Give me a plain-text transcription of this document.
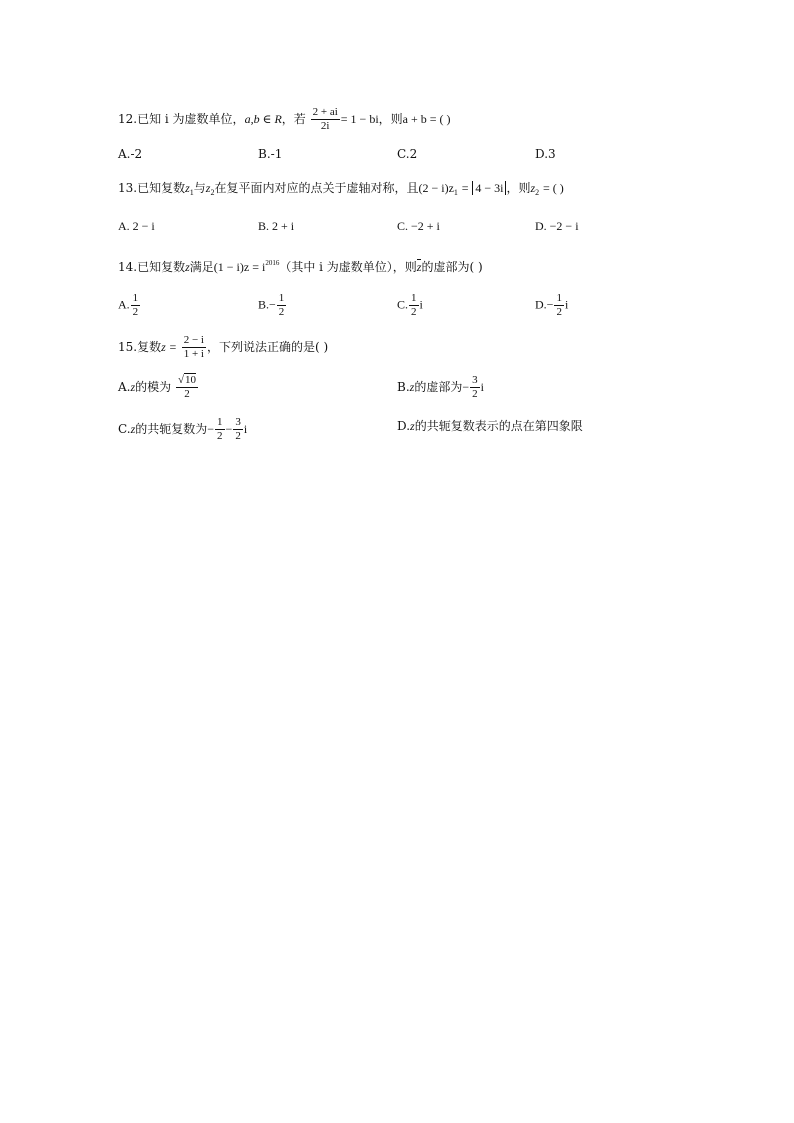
12.已知 i 为虚数单位，a,b ∈ R，若 $\frac{2 + ai}{2i} = 1$ − bi，则a + b = ( )
A.-2	B.-1	C.2	D.3
13.已知复数$z_1$与$z_2$在复平面内对应的点关于虚轴对称，且$(2 - i)z_1 = 4 - 3i$ ，则$z_2$ = ( )
A. 2 − i	B. 2 + i	C. −2 + i	D. −2 − i
14.已知复数z满足$(1 - i)z = i^{2016}$（其中 i 为虚数单位），则z的虚部为( )
A. $\frac{1}{2}$	$B.- \frac{1}{2}$	C. $\frac{1}{2}$ i	$D.- \frac{1}{2}$ i
15.复数$z = \frac{2 - i}{1 + i}$ ，下列说法正确的是( )
A.z的模为 $\frac{√10}{2}$	B.z的虚部为− $\frac{3}{2}$ i
C.z的共轭复数为− $\frac{1}{2} - \frac{3}{2}$ i	D.z的共轭复数表示的点在第四象限
